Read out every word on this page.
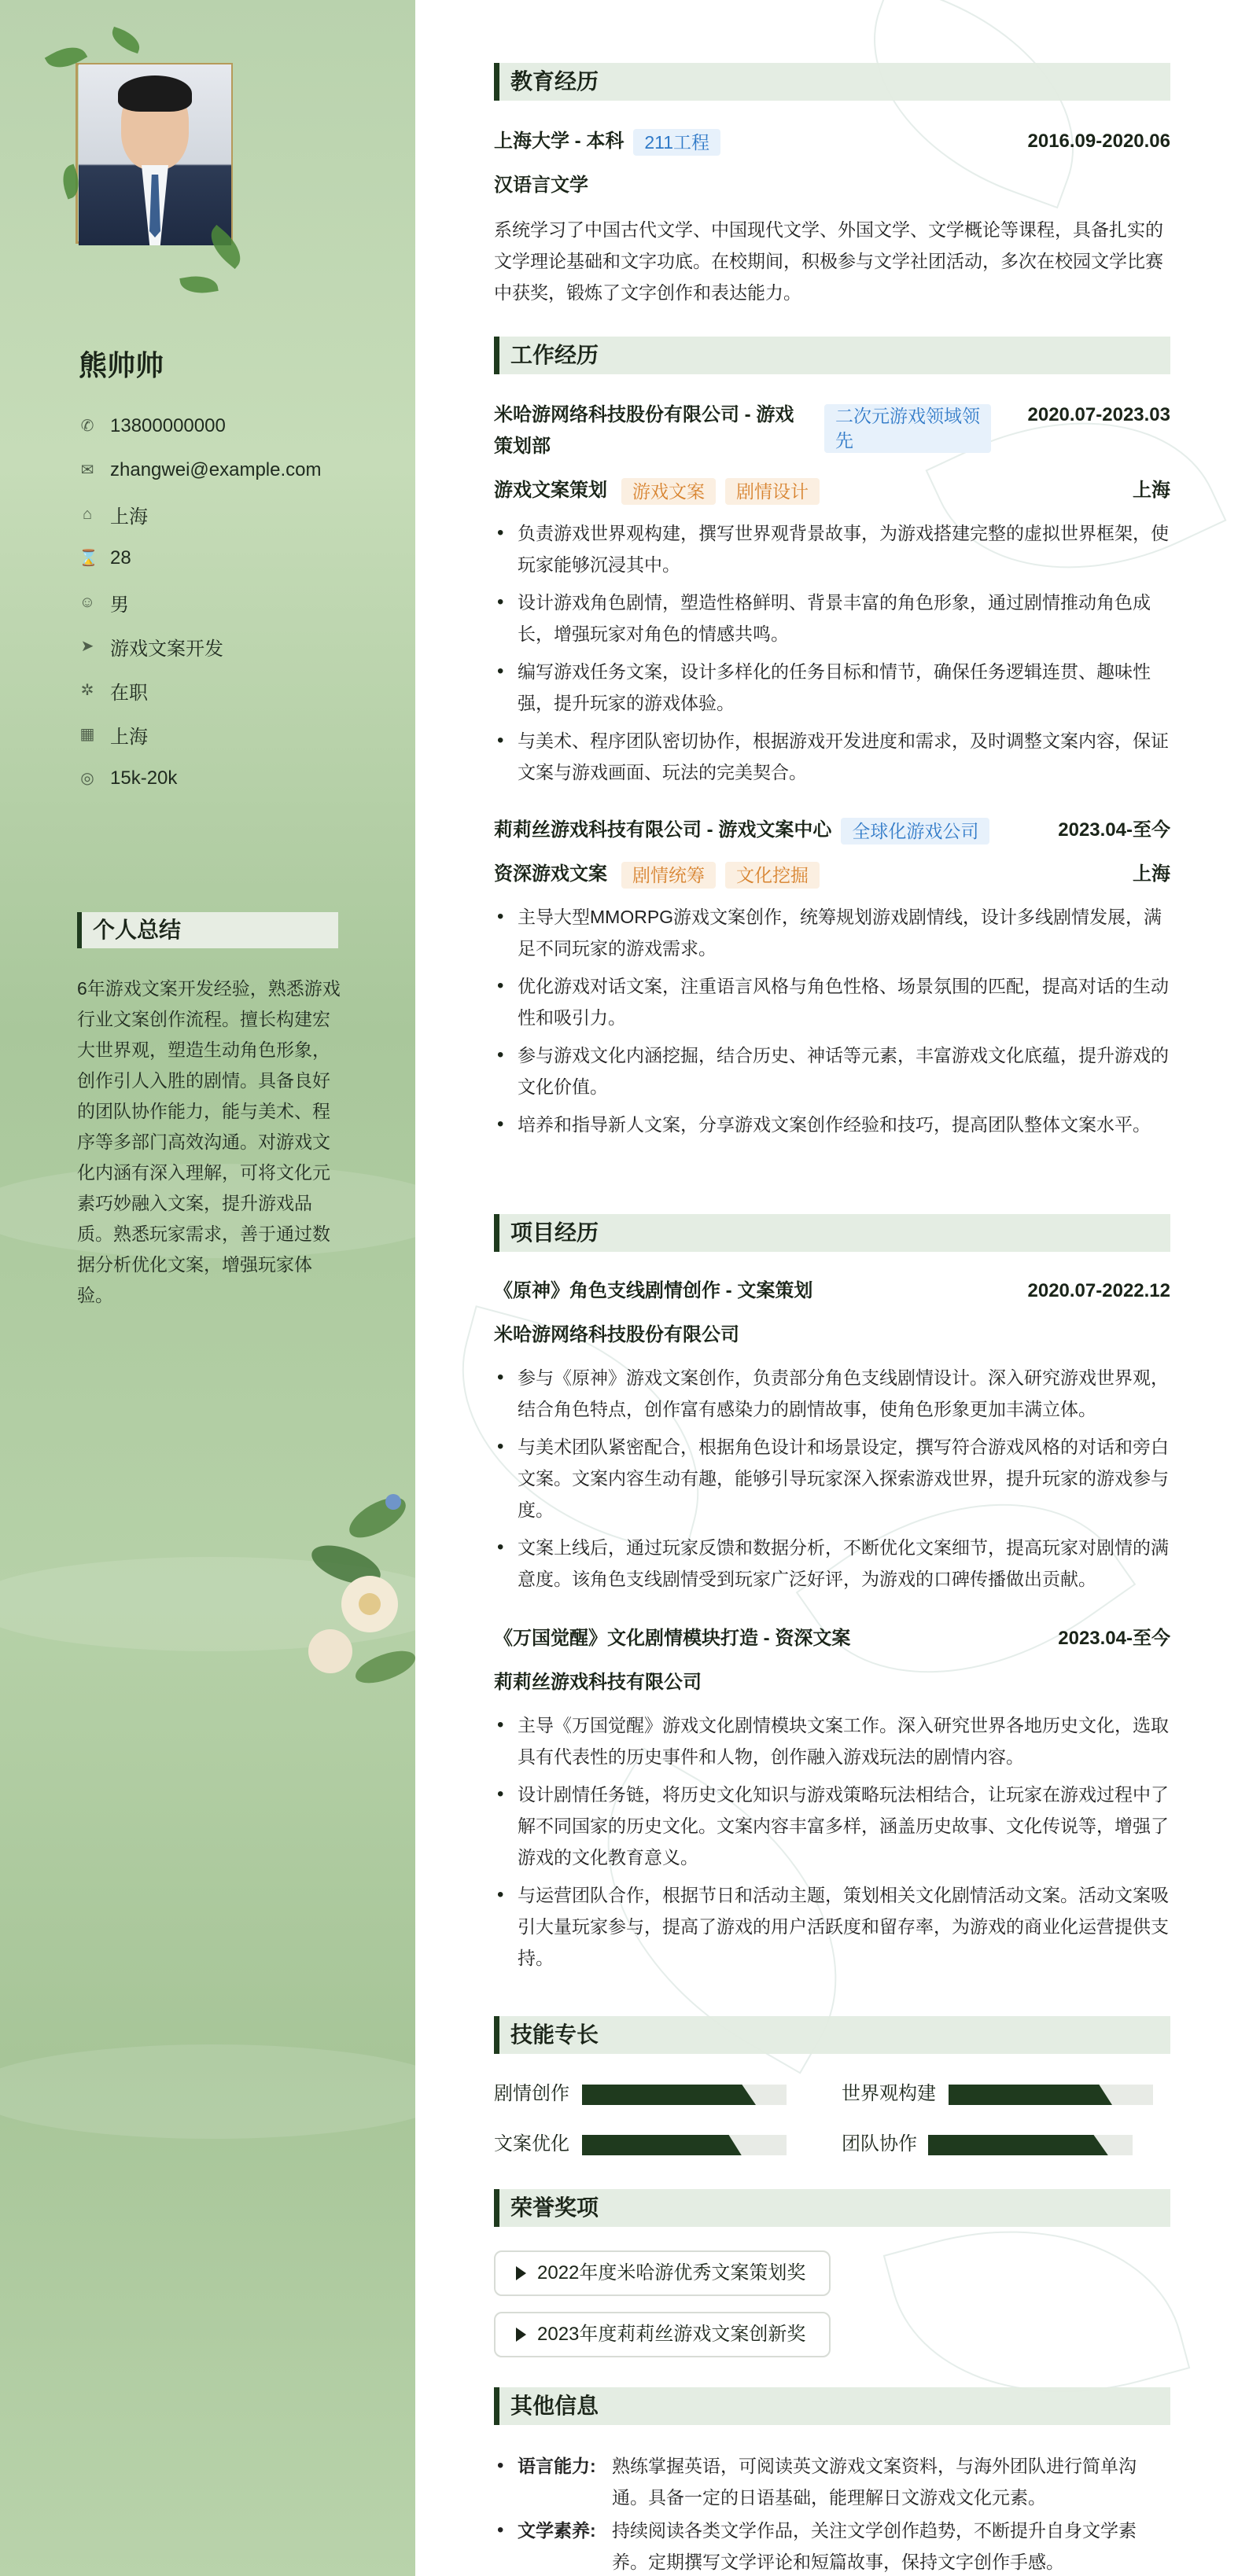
熊帅帅
✆ 13800000000
✉ zhangwei@example.com
⌂ 上海
⌛ 28
☺ 男
➤ 游戏文案开发
✲ 在职
▦ 上海
◎ 15k-20k
个人总结
6年游戏文案开发经验，熟悉游戏行业文案创作流程。擅长构建宏大世界观，塑造生动角色形象，创作引人入胜的剧情。具备良好的团队协作能力，能与美术、程序等多部门高效沟通。对游戏文化内涵有深入理解，可将文化元素巧妙融入文案，提升游戏品质。熟悉玩家需求，善于通过数据分析优化文案，增强玩家体验。
教育经历
上海大学 - 本科 211工程	2016.09-2020.06
汉语言文学
系统学习了中国古代文学、中国现代文学、外国文学、文学概论等课程，具备扎实的文学理论基础和文字功底。在校期间，积极参与文学社团活动，多次在校园文学比赛中获奖，锻炼了文字创作和表达能力。
工作经历
米哈游网络科技股份有限公司 - 游戏策划部
二次元游戏领域领先
2020.07-2023.03
游戏文案策划 游戏文案 剧情设计	上海
• 负责游戏世界观构建，撰写世界观背景故事，为游戏搭建完整的虚拟世界框架，使玩家能够沉浸其中。
• 设计游戏角色剧情，塑造性格鲜明、背景丰富的角色形象，通过剧情推动角色成长，增强玩家对角色的情感共鸣。
• 编写游戏任务文案，设计多样化的任务目标和情节，确保任务逻辑连贯、趣味性强，提升玩家的游戏体验。
• 与美术、程序团队密切协作，根据游戏开发进度和需求，及时调整文案内容，保证文案与游戏画面、玩法的完美契合。
莉莉丝游戏科技有限公司 - 游戏文案中心 全球化游戏公司	2023.04-至今
资深游戏文案 剧情统筹 文化挖掘	上海
• 主导大型MMORPG游戏文案创作，统筹规划游戏剧情线，设计多线剧情发展，满足不同玩家的游戏需求。
• 优化游戏对话文案，注重语言风格与角色性格、场景氛围的匹配，提高对话的生动性和吸引力。
• 参与游戏文化内涵挖掘，结合历史、神话等元素，丰富游戏文化底蕴，提升游戏的文化价值。
• 培养和指导新人文案，分享游戏文案创作经验和技巧，提高团队整体文案水平。
项目经历
《原神》角色支线剧情创作 - 文案策划	2020.07-2022.12
米哈游网络科技股份有限公司
• 参与《原神》游戏文案创作，负责部分角色支线剧情设计。深入研究游戏世界观，结合角色特点，创作富有感染力的剧情故事，使角色形象更加丰满立体。
• 与美术团队紧密配合，根据角色设计和场景设定，撰写符合游戏风格的对话和旁白文案。文案内容生动有趣，能够引导玩家深入探索游戏世界，提升玩家的游戏参与度。
• 文案上线后，通过玩家反馈和数据分析，不断优化文案细节，提高玩家对剧情的满意度。该角色支线剧情受到玩家广泛好评，为游戏的口碑传播做出贡献。
《万国觉醒》文化剧情模块打造 - 资深文案	2023.04-至今
莉莉丝游戏科技有限公司
• 主导《万国觉醒》游戏文化剧情模块文案工作。深入研究世界各地历史文化，选取具有代表性的历史事件和人物，创作融入游戏玩法的剧情内容。
• 设计剧情任务链，将历史文化知识与游戏策略玩法相结合，让玩家在游戏过程中了解不同国家的历史文化。文案内容丰富多样，涵盖历史故事、文化传说等，增强了游戏的文化教育意义。
• 与运营团队合作，根据节日和活动主题，策划相关文化剧情活动文案。活动文案吸引大量玩家参与，提高了游戏的用户活跃度和留存率，为游戏的商业化运营提供支持。
技能专长
剧情创作	世界观构建
文案优化	团队协作
荣誉奖项
2022年度米哈游优秀文案策划奖
2023年度莉莉丝游戏文案创新奖
其他信息
• 语言能力: 熟练掌握英语，可阅读英文游戏文案资料，与海外团队进行简单沟通。具备一定的日语基础，能理解日文游戏文化元素。
• 文学素养: 持续阅读各类文学作品，关注文学创作趋势，不断提升自身文学素养。定期撰写文学评论和短篇故事，保持文字创作手感。
